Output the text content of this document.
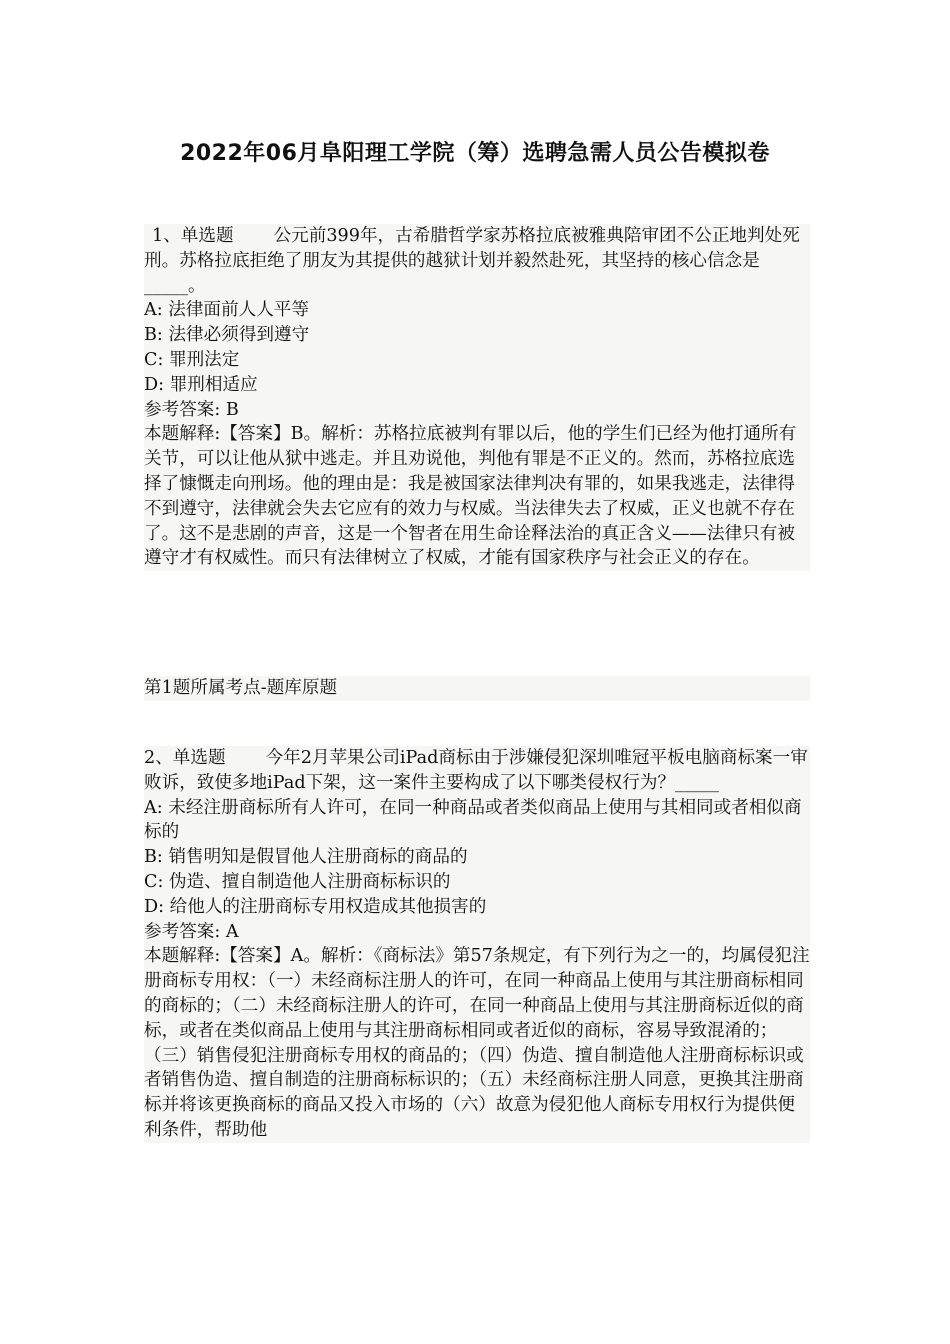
2022年06月阜阳理工学院（筹）选聘急需人员公告模拟卷

1、单选题 公元前399年，古希腊哲学家苏格拉底被雅典陪审团不公正地判处死刑。苏格拉底拒绝了朋友为其提供的越狱计划并毅然赴死，其坚持的核心信念是_____。

A: 法律面前人人平等

B: 法律必须得到遵守

C: 罪刑法定

D: 罪刑相适应

参考答案: B

本题解释:【答案】B。解析：苏格拉底被判有罪以后，他的学生们已经为他打通所有关节，可以让他从狱中逃走。并且劝说他，判他有罪是不正义的。然而，苏格拉底选择了慷慨走向刑场。他的理由是：我是被国家法律判决有罪的，如果我逃走，法律得不到遵守，法律就会失去它应有的效力与权威。当法律失去了权威，正义也就不存在了。这不是悲剧的声音，这是一个智者在用生命诠释法治的真正含义——法律只有被遵守才有权威性。而只有法律树立了权威，才能有国家秩序与社会正义的存在。

第1题所属考点-题库原题

2、单选题 今年2月苹果公司iPad商标由于涉嫌侵犯深圳唯冠平板电脑商标案一审败诉，致使多地iPad下架，这一案件主要构成了以下哪类侵权行为？_____

A: 未经注册商标所有人许可，在同一种商品或者类似商品上使用与其相同或者相似商标的

B: 销售明知是假冒他人注册商标的商品的

C: 伪造、擅自制造他人注册商标标识的

D: 给他人的注册商标专用权造成其他损害的

参考答案: A

本题解释:【答案】A。解析：《商标法》第57条规定，有下列行为之一的，均属侵犯注册商标专用权：（一）未经商标注册人的许可，在同一种商品上使用与其注册商标相同的商标的；（二）未经商标注册人的许可，在同一种商品上使用与其注册商标近似的商标，或者在类似商品上使用与其注册商标相同或者近似的商标，容易导致混淆的；（三）销售侵犯注册商标专用权的商品的；（四）伪造、擅自制造他人注册商标标识或者销售伪造、擅自制造的注册商标标识的；（五）未经商标注册人同意，更换其注册商标并将该更换商标的商品又投入市场的（六）故意为侵犯他人商标专用权行为提供便利条件，帮助他
